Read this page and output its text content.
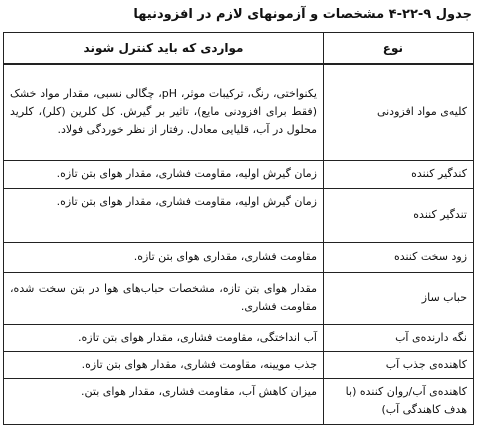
جدول ۹-۲۲-۴ مشخصات و آزمونهای لازم در افزودنیها
نوع	مواردی که باید کنترل شوند
کلیه‌ی مواد افزودنی	یکنواختی، رنگ، ترکیبات موثر، pH، چگالی نسبی، مقدار مواد خشک (فقط برای افزودنی مایع)، تاثیر بر گیرش. کل کلرین (کلر)، کلرید محلول در آب، قلیایی معادل. رفتار از نظر خوردگی فولاد.
کندگیر کننده	زمان گیرش اولیه، مقاومت فشاری، مقدار هوای بتن تازه.
تندگیر کننده	زمان گیرش اولیه، مقاومت فشاری، مقدار هوای بتن تازه.
زود سخت کننده	مقاومت فشاری، مقداری هوای بتن تازه.
حباب ساز	مقدار هوای بتن تازه، مشخصات حباب‌های هوا در بتن سخت شده، مقاومت فشاری.
نگه دارنده‌ی آب	آب انداختگی، مقاومت فشاری، مقدار هوای بتن تازه.
کاهنده‌ی جذب آب	جذب مویینه، مقاومت فشاری، مقدار هوای بتن تازه.
کاهنده‌ی آب/روان کننده (با هدف کاهندگی آب)	میزان کاهش آب، مقاومت فشاری، مقدار هوای بتن.
